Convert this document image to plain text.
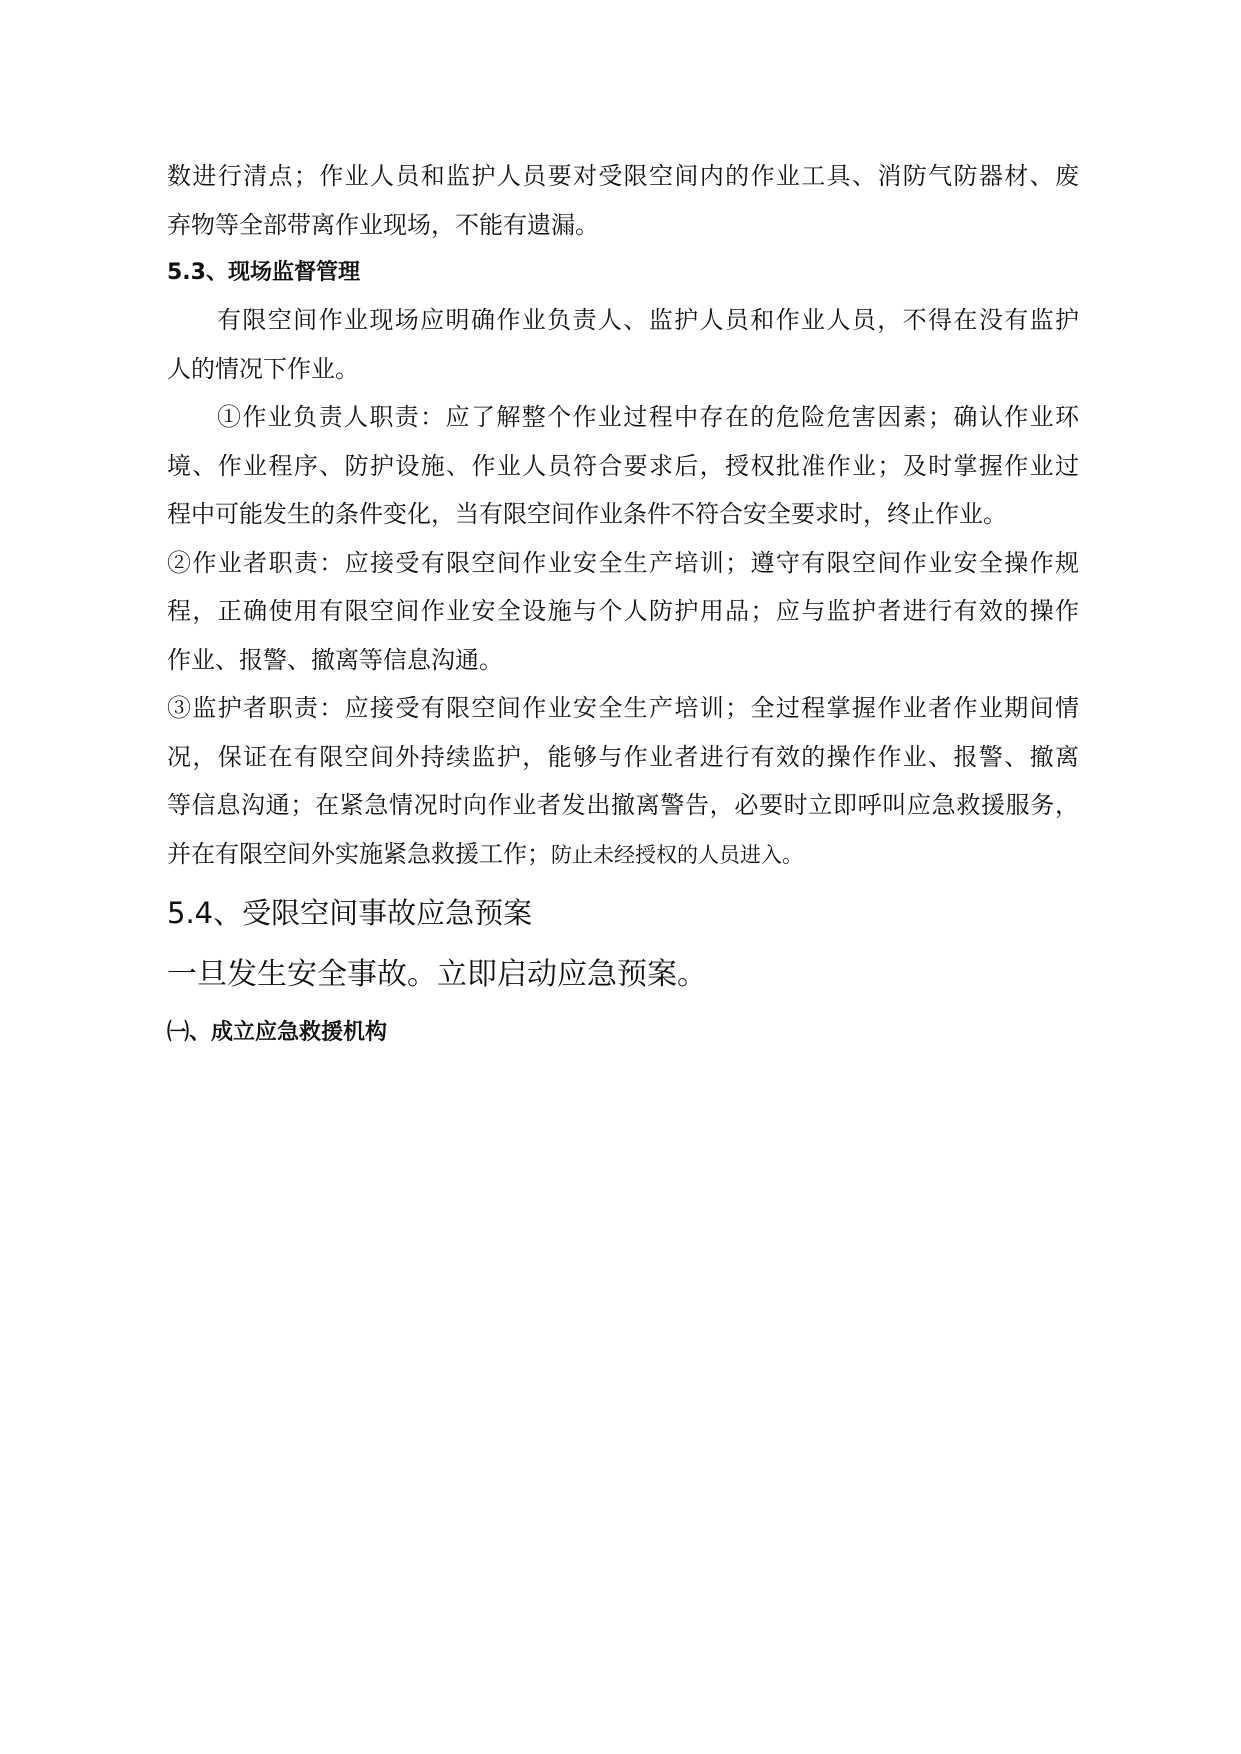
数进行清点；作业人员和监护人员要对受限空间内的作业工具、消防气防器材、废
弃物等全部带离作业现场，不能有遗漏。
5.3、现场监督管理
有限空间作业现场应明确作业负责人、监护人员和作业人员，不得在没有监护
人的情况下作业。
①作业负责人职责：应了解整个作业过程中存在的危险危害因素；确认作业环
境、作业程序、防护设施、作业人员符合要求后，授权批准作业；及时掌握作业过
程中可能发生的条件变化，当有限空间作业条件不符合安全要求时，终止作业。
②作业者职责：应接受有限空间作业安全生产培训；遵守有限空间作业安全操作规
程，正确使用有限空间作业安全设施与个人防护用品；应与监护者进行有效的操作
作业、报警、撤离等信息沟通。
③监护者职责：应接受有限空间作业安全生产培训；全过程掌握作业者作业期间情
况，保证在有限空间外持续监护，能够与作业者进行有效的操作作业、报警、撤离
等信息沟通；在紧急情况时向作业者发出撤离警告，必要时立即呼叫应急救援服务，
并在有限空间外实施紧急救援工作；防止未经授权的人员进入。
5.4、受限空间事故应急预案
一旦发生安全事故。立即启动应急预案。
㈠、成立应急救援机构
